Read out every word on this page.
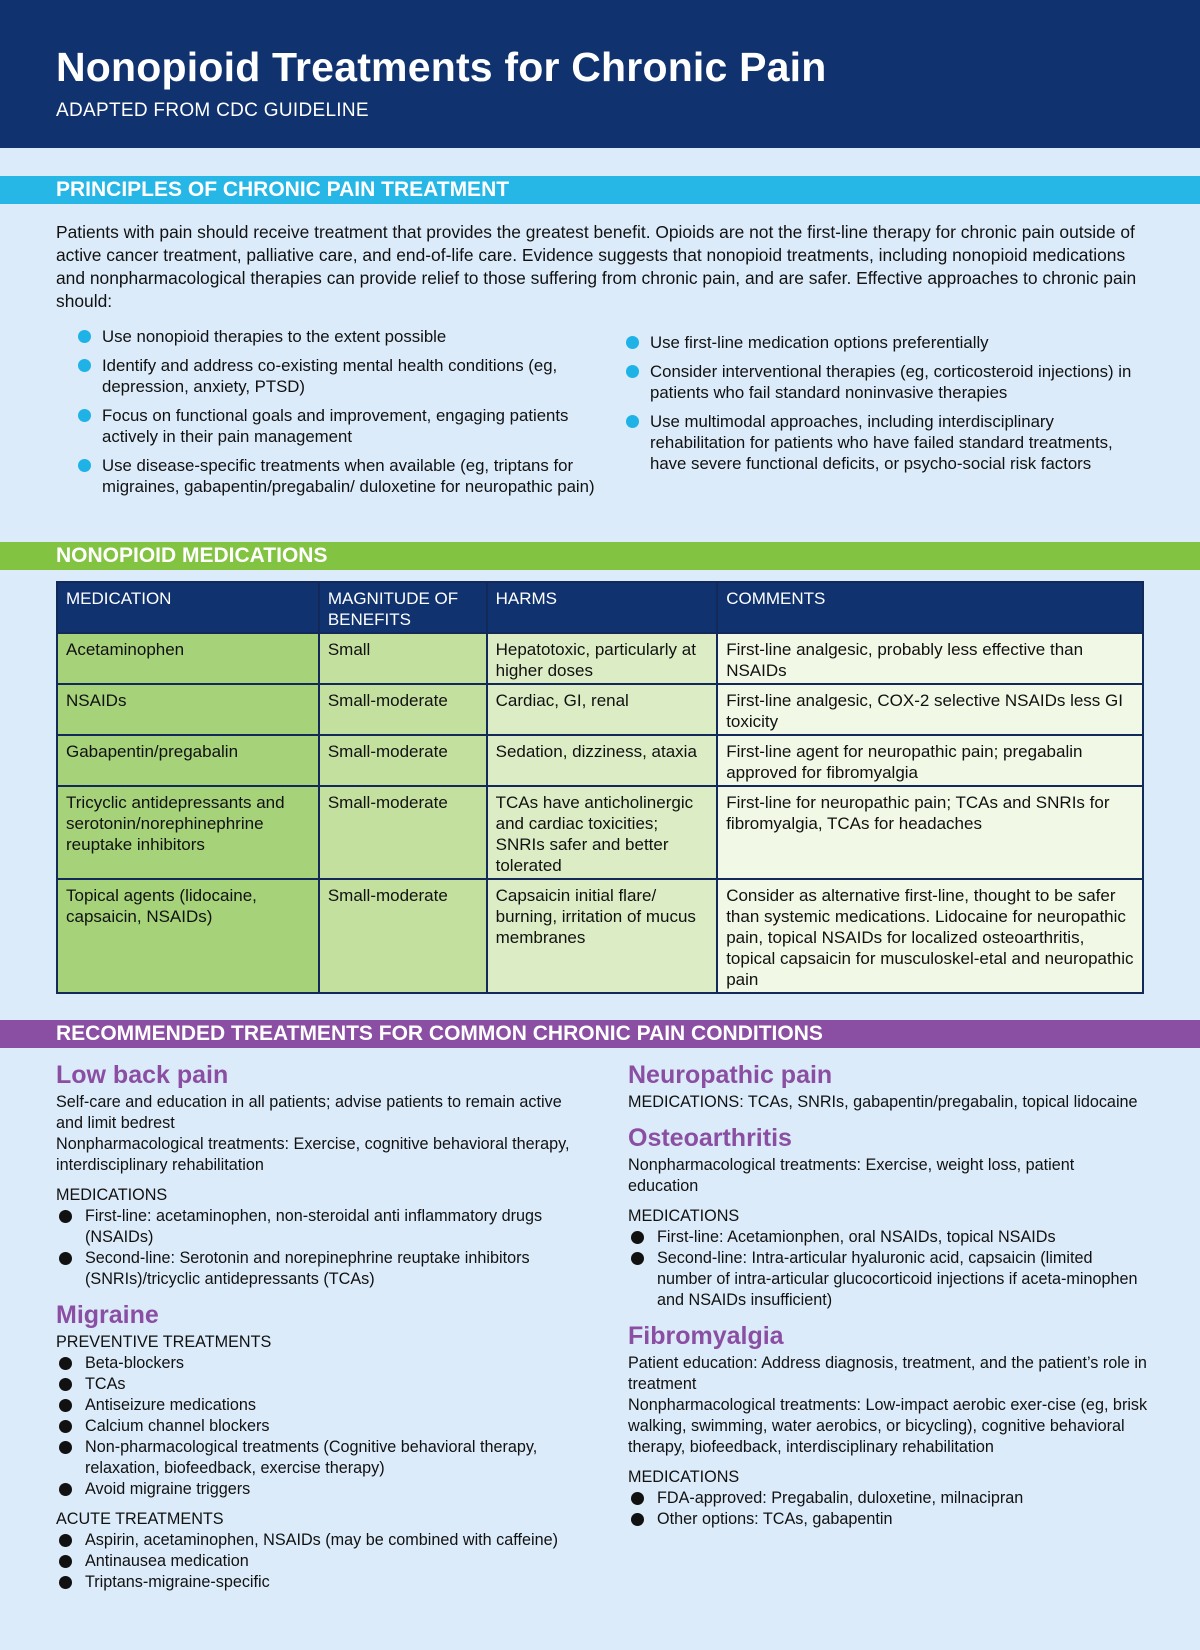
Nonopioid Treatments for Chronic Pain
ADAPTED FROM CDC GUIDELINE
PRINCIPLES OF CHRONIC PAIN TREATMENT

Patients with pain should receive treatment that provides the greatest benefit. Opioids are not the first-line therapy for chronic pain outside of active cancer treatment, palliative care, and end-of-life care. Evidence suggests that nonopioid treatments, including nonopioid medications and nonpharmacological therapies can provide relief to those suffering from chronic pain, and are safer. Effective approaches to chronic pain should:

Use nonopioid therapies to the extent possible
Identify and address co-existing mental health conditions (eg, depression, anxiety, PTSD)
Focus on functional goals and improvement, engaging patients actively in their pain management
Use disease-specific treatments when available (eg, triptans for migraines, gabapentin/pregabalin/ duloxetine for neuropathic pain)
Use first-line medication options preferentially
Consider interventional therapies (eg, corticosteroid injections) in patients who fail standard noninvasive therapies
Use multimodal approaches, including interdisciplinary rehabilitation for patients who have failed standard treatments, have severe functional deficits, or psycho-social risk factors
NONOPIOID MEDICATIONS
MEDICATION	MAGNITUDE OF BENEFITS	HARMS	COMMENTS
Acetaminophen	Small	Hepatotoxic, particularly at higher doses	First-line analgesic, probably less effective than NSAIDs
NSAIDs	Small-moderate	Cardiac, GI, renal	First-line analgesic, COX-2 selective NSAIDs less GI toxicity
Gabapentin/pregabalin	Small-moderate	Sedation, dizziness, ataxia	First-line agent for neuropathic pain; pregabalin approved for fibromyalgia
Tricyclic antidepressants and serotonin/norephinephrine reuptake inhibitors	Small-moderate	TCAs have anticholinergic and cardiac toxicities; SNRIs safer and better tolerated	First-line for neuropathic pain; TCAs and SNRIs for fibromyalgia, TCAs for headaches
Topical agents (lidocaine, capsaicin, NSAIDs)	Small-moderate	Capsaicin initial flare/ burning, irritation of mucus membranes	Consider as alternative first-line, thought to be safer than systemic medications. Lidocaine for neuropathic pain, topical NSAIDs for localized osteoarthritis, topical capsaicin for musculoskel-etal and neuropathic pain
RECOMMENDED TREATMENTS FOR COMMON CHRONIC PAIN CONDITIONS
Low back pain
Self-care and education in all patients; advise patients to remain active and limit bedrest
Nonpharmacological treatments: Exercise, cognitive behavioral therapy, interdisciplinary rehabilitation
MEDICATIONS
First-line: acetaminophen, non-steroidal anti inflammatory drugs (NSAIDs)
Second-line: Serotonin and norepinephrine reuptake inhibitors (SNRIs)/tricyclic antidepressants (TCAs)
Migraine
PREVENTIVE TREATMENTS
Beta-blockers
TCAs
Antiseizure medications
Calcium channel blockers
Non-pharmacological treatments (Cognitive behavioral therapy, relaxation, biofeedback, exercise therapy)
Avoid migraine triggers
ACUTE TREATMENTS
Aspirin, acetaminophen, NSAIDs (may be combined with caffeine)
Antinausea medication
Triptans-migraine-specific
Neuropathic pain
MEDICATIONS: TCAs, SNRIs, gabapentin/pregabalin, topical lidocaine
Osteoarthritis
Nonpharmacological treatments: Exercise, weight loss, patient education
MEDICATIONS
First-line: Acetamionphen, oral NSAIDs, topical NSAIDs
Second-line: Intra-articular hyaluronic acid, capsaicin (limited number of intra-articular glucocorticoid injections if aceta-minophen and NSAIDs insufficient)
Fibromyalgia
Patient education: Address diagnosis, treatment, and the patient’s role in treatment
Nonpharmacological treatments: Low-impact aerobic exer-cise (eg, brisk walking, swimming, water aerobics, or bicycling), cognitive behavioral therapy, biofeedback, interdisciplinary rehabilitation
MEDICATIONS
FDA-approved: Pregabalin, duloxetine, milnacipran
Other options: TCAs, gabapentin
